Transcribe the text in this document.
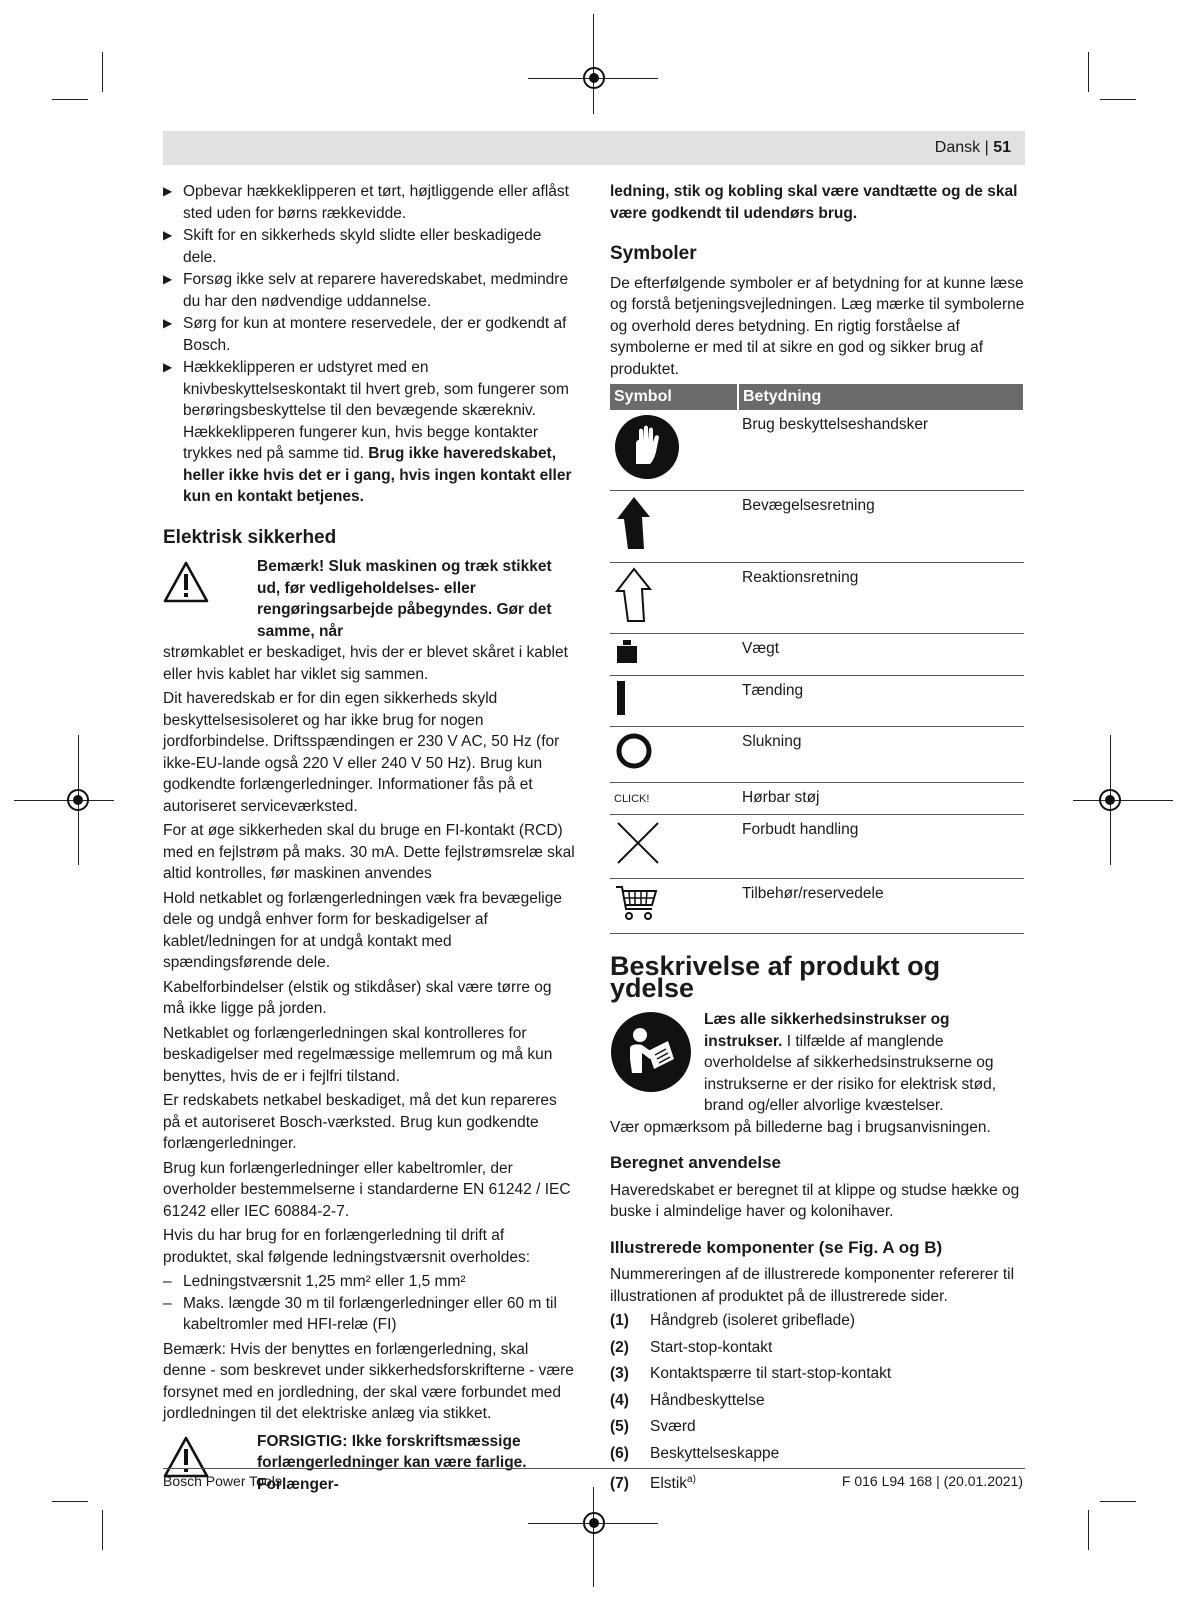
Dansk | 51
▶ Opbevar hækkeklipperen et tørt, højtliggende eller aflåst sted uden for børns rækkevidde.
▶ Skift for en sikkerheds skyld slidte eller beskadigede dele.
▶ Forsøg ikke selv at reparere haveredskabet, medmindre du har den nødvendige uddannelse.
▶ Sørg for kun at montere reservedele, der er godkendt af Bosch.
▶ Hækkeklipperen er udstyret med en knivbeskyttelseskontakt til hvert greb, som fungerer som berøringsbeskyttelse til den bevægende skærekniv. Hækkeklipperen fungerer kun, hvis begge kontakter trykkes ned på samme tid. Brug ikke haveredskabet, heller ikke hvis det er i gang, hvis ingen kontakt eller kun en kontakt betjenes.
Elektrisk sikkerhed
Bemærk! Sluk maskinen og træk stikket ud, før vedligeholdelses- eller rengøringsarbejde påbegyndes. Gør det samme, når

strømkablet er beskadiget, hvis der er blevet skåret i kablet eller hvis kablet har viklet sig sammen.

Dit haveredskab er for din egen sikkerheds skyld beskyttelsesisoleret og har ikke brug for nogen jordforbindelse. Driftsspændingen er 230 V AC, 50 Hz (for ikke-EU-lande også 220 V eller 240 V 50 Hz). Brug kun godkendte forlængerledninger. Informationer fås på et autoriseret serviceværksted.

For at øge sikkerheden skal du bruge en FI-kontakt (RCD) med en fejlstrøm på maks. 30 mA. Dette fejlstrømsrelæ skal altid kontrolles, før maskinen anvendes

Hold netkablet og forlængerledningen væk fra bevægelige dele og undgå enhver form for beskadigelser af kablet/ledningen for at undgå kontakt med spændingsførende dele.

Kabelforbindelser (elstik og stikdåser) skal være tørre og må ikke ligge på jorden.

Netkablet og forlængerledningen skal kontrolleres for beskadigelser med regelmæssige mellemrum og må kun benyttes, hvis de er i fejlfri tilstand.

Er redskabets netkabel beskadiget, må det kun repareres på et autoriseret Bosch-værksted. Brug kun godkendte forlængerledninger.

Brug kun forlængerledninger eller kabeltromler, der overholder bestemmelserne i standarderne EN 61242 / IEC 61242 eller IEC 60884-2-7.

Hvis du har brug for en forlængerledning til drift af produktet, skal følgende ledningstværsnit overholdes:

– Ledningstværsnit 1,25 mm² eller 1,5 mm²
– Maks. længde 30 m til forlængerledninger eller 60 m til kabeltromler med HFI-relæ (FI)

Bemærk: Hvis der benyttes en forlængerledning, skal denne - som beskrevet under sikkerhedsforskrifterne - være forsynet med en jordledning, der skal være forbundet med jordledningen til det elektriske anlæg via stikket.

FORSIGTIG: Ikke forskriftsmæssige forlængerledninger kan være farlige. Forlænger-

ledning, stik og kobling skal være vandtætte og de skal være godkendt til udendørs brug.

Symboler

De efterfølgende symboler er af betydning for at kunne læse og forstå betjeningsvejledningen. Læg mærke til symbolerne og overhold deres betydning. En rigtig forståelse af symbolerne er med til at sikre en god og sikker brug af produktet.

Symbol	Betydning
	Brug beskyttelseshandsker
	Bevægelsesretning
	Reaktionsretning
	Vægt
	Tænding
	Slukning
CLICK!	Hørbar støj
	Forbudt handling
	Tilbehør/reservedele
Beskrivelse af produkt og ydelse
Læs alle sikkerhedsinstrukser og instrukser. I tilfælde af manglende overholdelse af sikkerhedsinstrukserne og instrukserne er der risiko for elektrisk stød, brand og/eller alvorlige kvæstelser.

Vær opmærksom på billederne bag i brugsanvisningen.

Beregnet anvendelse

Haveredskabet er beregnet til at klippe og studse hække og buske i almindelige haver og kolonihaver.

Illustrerede komponenter (se Fig. A og B)

Nummereringen af de illustrerede komponenter refererer til illustrationen af produktet på de illustrerede sider.

(1) Håndgreb (isoleret gribeflade)
(2) Start-stop-kontakt
(3) Kontaktspærre til start-stop-kontakt
(4) Håndbeskyttelse
(5) Sværd
(6) Beskyttelseskappe
(7) Elstik$^{a)}$
Bosch Power Tools	F 016 L94 168 | (20.01.2021)
